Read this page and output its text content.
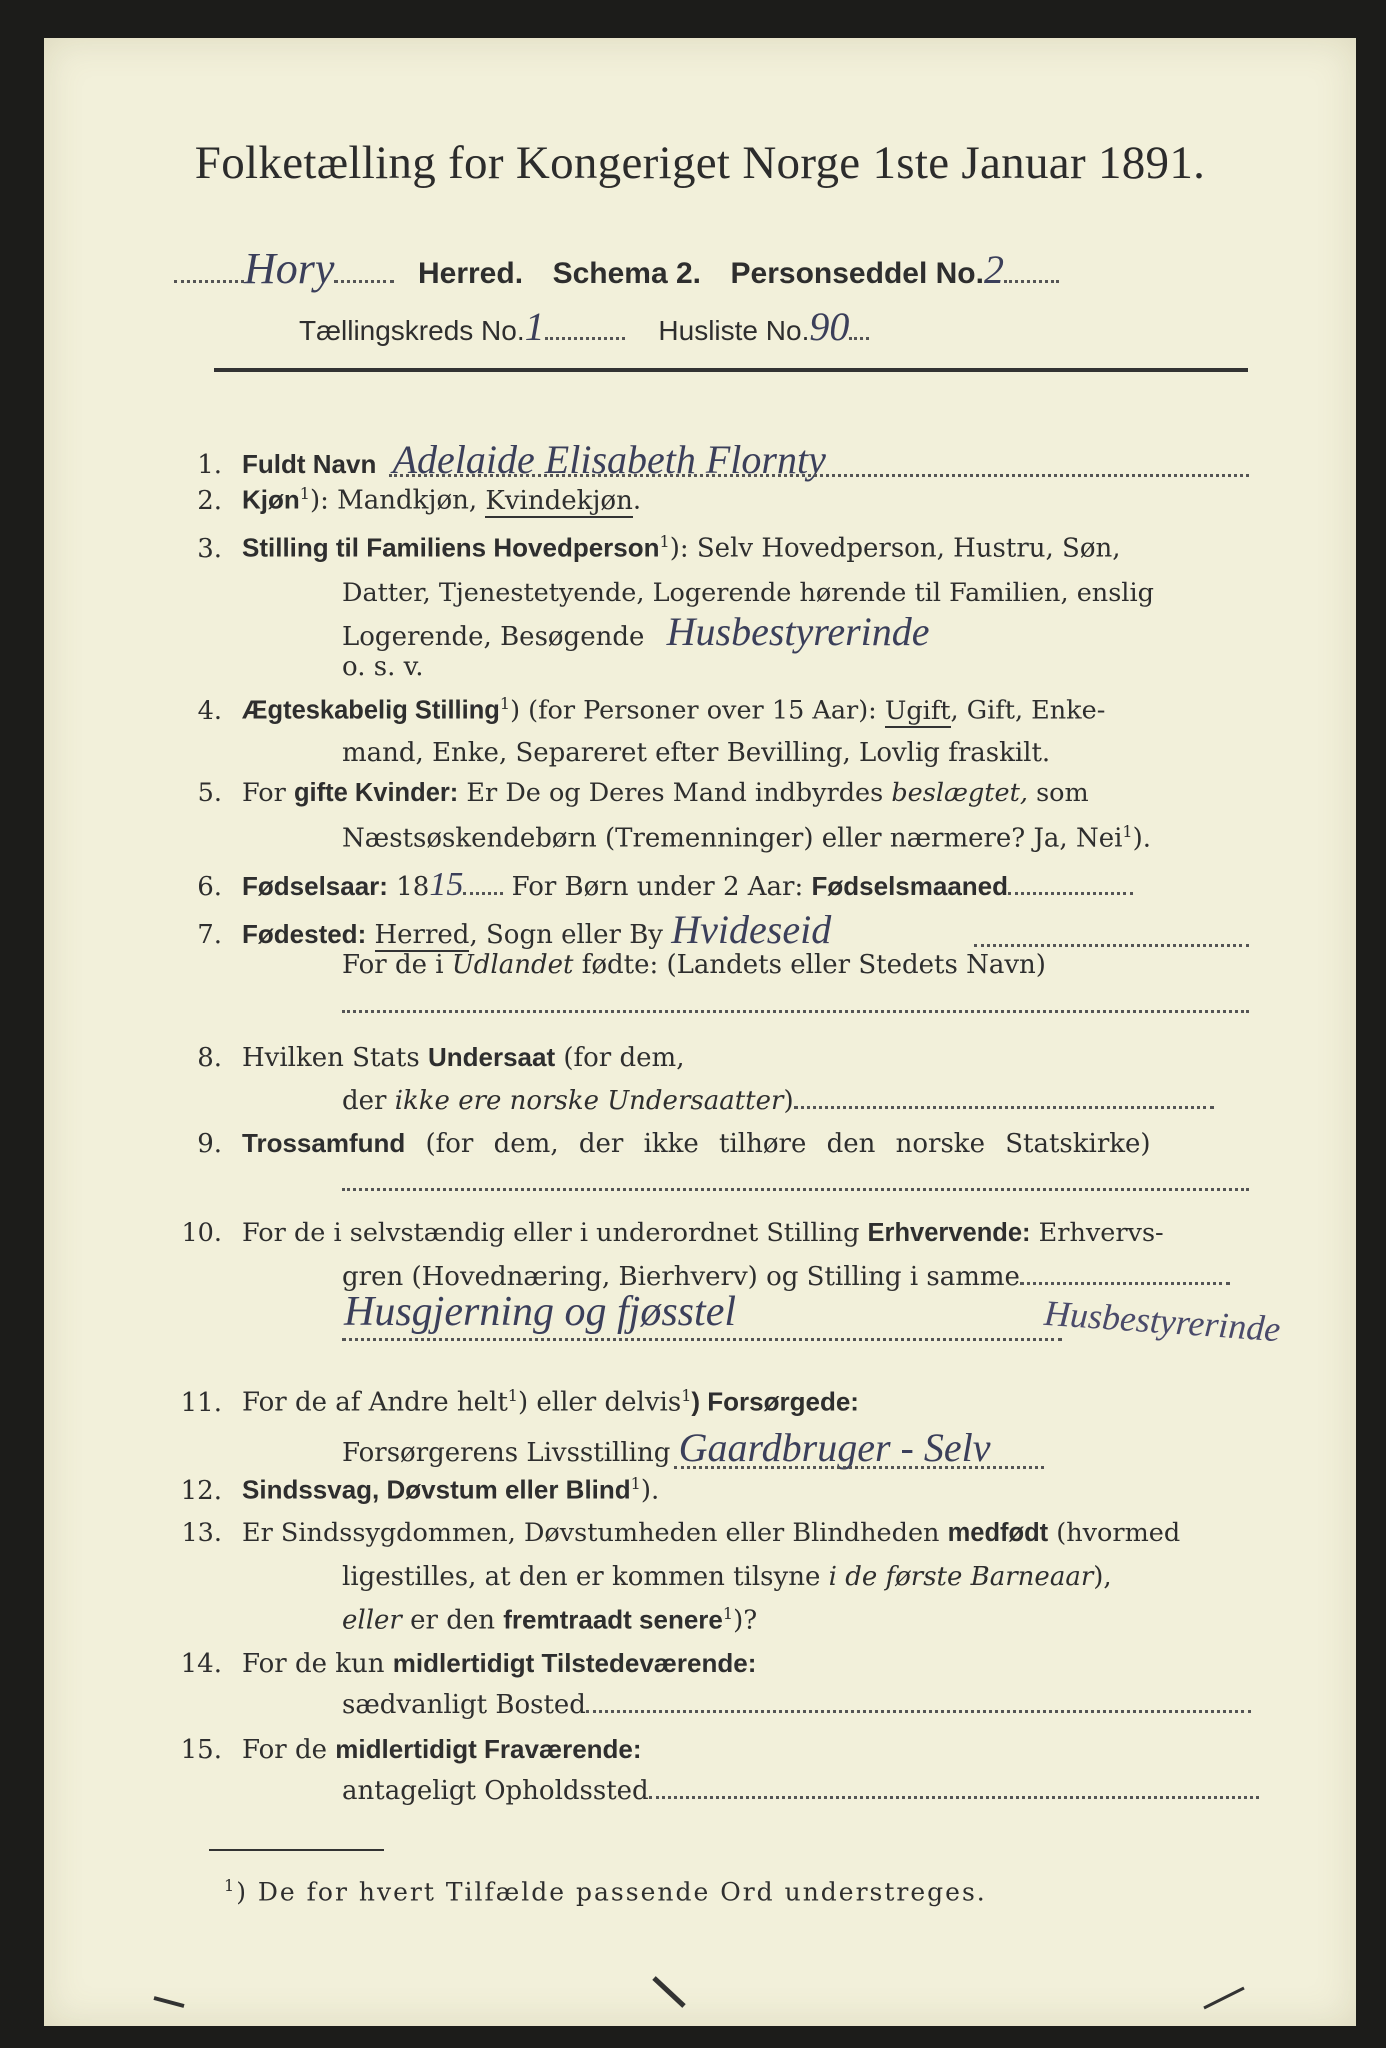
Folketælling for Kongeriget Norge 1ste Januar 1891.
Hory	Herred. Schema 2. Personseddel No.2
Tællingskreds No.1	Husliste No.90
1. Fuldt Navn Adelaide Elisabeth Flornty
2. Kjøn$^1$): Mandkjøn, Kvindekjøn.
3. Stilling til Familiens Hovedperson$^1$): Selv Hovedperson, Hustru, Søn,
Datter, Tjenestetyende, Logerende hørende til Familien, enslig
Logerende, Besøgende Husbestyrerinde
o. s. v.
4. Ægteskabelig Stilling$^1$) (for Personer over 15 Aar): Ugift, Gift, Enke-
mand, Enke, Separeret efter Bevilling, Lovlig fraskilt.
5. For gifte Kvinder: Er De og Deres Mand indbyrdes beslægtet, som
Næstsøskendebørn (Tremenninger) eller nærmere? Ja, Nei$^1$).
6. Fødselsaar: 1815 For Børn under 2 Aar: Fødselsmaaned
7. Fødested: Herred, Sogn eller By Hvideseid
For de i Udlandet fødte: (Landets eller Stedets Navn)
8. Hvilken Stats Undersaat (for dem,
der ikke ere norske Undersaatter)
9. Trossamfund (for dem, der ikke tilhøre den norske Statskirke)
10. For de i selvstændig eller i underordnet Stilling Erhvervende: Erhvervs-
gren (Hovednæring, Bierhverv) og Stilling i samme
Husgjerning og fjøsstel	Husbestyrerinde
11. For de af Andre helt$^1$) eller delvis$^1$) Forsørgede:
Forsørgerens Livsstilling Gaardbruger - Selv
12. Sindssvag, Døvstum eller Blind$^1$).
13. Er Sindssygdommen, Døvstumheden eller Blindheden medfødt (hvormed
ligestilles, at den er kommen tilsyne i de første Barneaar),
eller er den fremtraadt senere$^1$)?
14. For de kun midlertidigt Tilstedeværende:
sædvanligt Bosted
15. For de midlertidigt Fraværende:
antageligt Opholdssted
$^1$) De for hvert Tilfælde passende Ord understreges.
